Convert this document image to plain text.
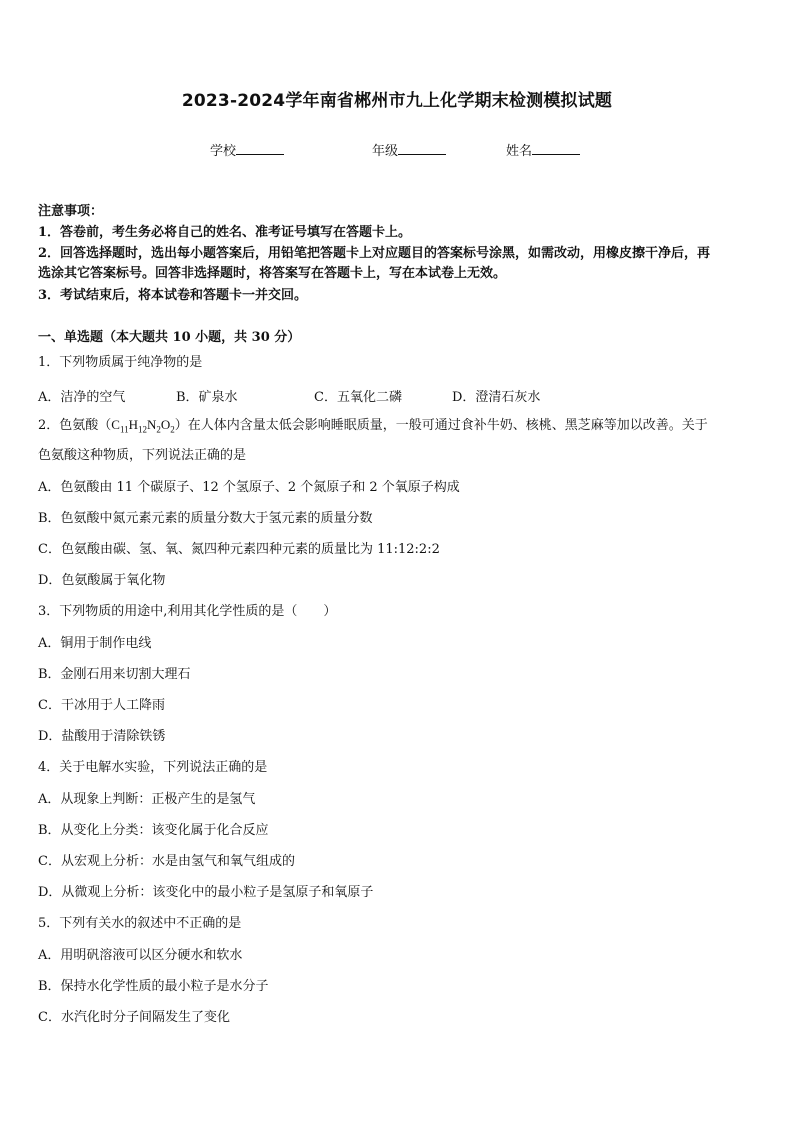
2023-2024学年南省郴州市九上化学期末检测模拟试题
学校	年级	姓名
注意事项：
1．答卷前，考生务必将自己的姓名、准考证号填写在答题卡上。
2．回答选择题时，选出每小题答案后，用铅笔把答题卡上对应题目的答案标号涂黑，如需改动，用橡皮擦干净后，再
选涂其它答案标号。回答非选择题时，将答案写在答题卡上，写在本试卷上无效。
3．考试结束后，将本试卷和答题卡一并交回。
一、单选题（本大题共 10 小题，共 30 分）
1．下列物质属于纯净物的是
A．洁净的空气	B．矿泉水	C．五氧化二磷	D．澄清石灰水
2．色氨酸$(C_{11}H_{12}N_2O_2)$在人体内含量太低会影响睡眠质量，一般可通过食补牛奶、核桃、黑芝麻等加以改善。关于
色氨酸这种物质，下列说法正确的是
A．色氨酸由 11 个碳原子、12 个氢原子、2 个氮原子和 2 个氧原子构成
B．色氨酸中氮元素元素的质量分数大于氢元素的质量分数
C．色氨酸由碳、氢、氧、氮四种元素四种元素的质量比为 11:12:2:2
D．色氨酸属于氧化物
3．下列物质的用途中,利用其化学性质的是（　　）
A．铜用于制作电线
B．金刚石用来切割大理石
C．干冰用于人工降雨
D．盐酸用于清除铁锈
4．关于电解水实验，下列说法正确的是
A．从现象上判断：正极产生的是氢气
B．从变化上分类：该变化属于化合反应
C．从宏观上分析：水是由氢气和氧气组成的
D．从微观上分析：该变化中的最小粒子是氢原子和氧原子
5．下列有关水的叙述中不正确的是
A．用明矾溶液可以区分硬水和软水
B．保持水化学性质的最小粒子是水分子
C．水汽化时分子间隔发生了变化
